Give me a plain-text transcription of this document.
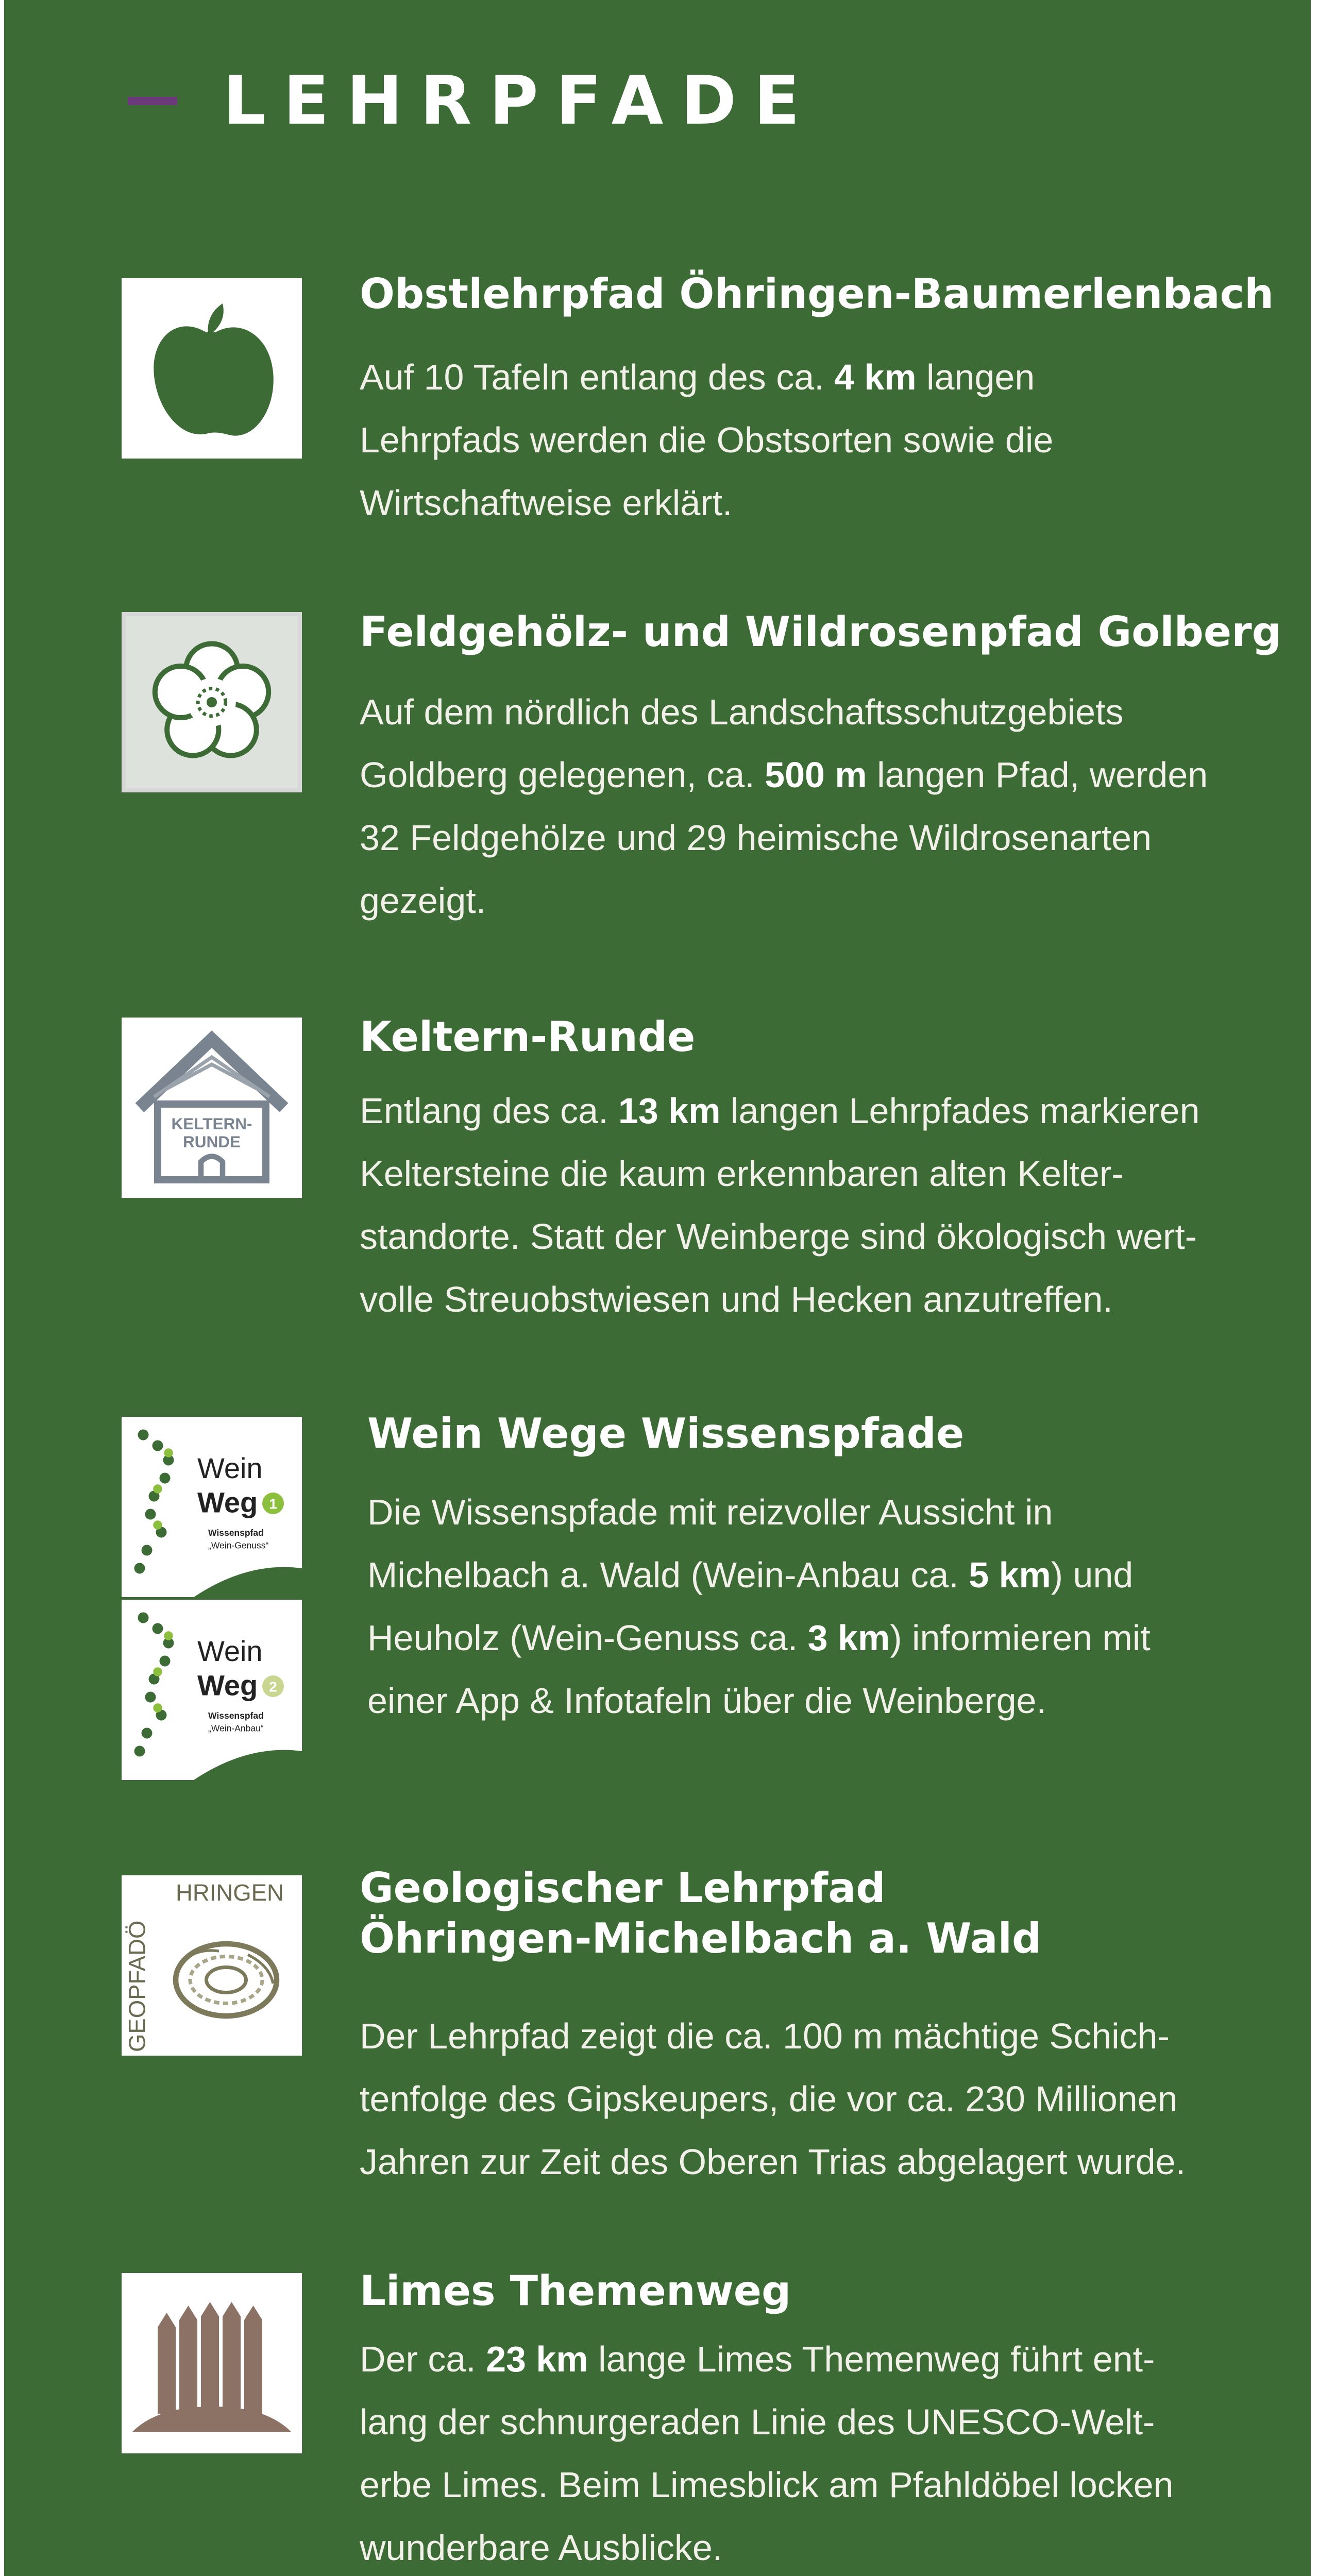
LEHRPFADE
Obstlehrpfad Öhringen-Baumerlenbach

Auf 10 Tafeln entlang des ca. 4 km langen
Lehrpfads werden die Obstsorten sowie die
Wirtschaftweise erklärt.

Feldgehölz- und Wildrosenpfad Golberg

Auf dem nördlich des Landschaftsschutzgebiets
Goldberg gelegenen, ca. 500 m langen Pfad, werden
32 Feldgehölze und 29 heimische Wildrosenarten
gezeigt.

KELTERN-
RUNDE
Keltern-Runde

Entlang des ca. 13 km langen Lehrpfades markieren
Keltersteine die kaum erkennbaren alten Kelter-
standorte. Statt der Weinberge sind ökologisch wert-
volle Streuobstwiesen und Hecken anzutreffen.

Wein
Weg	1
Wissenspfad
„Wein-Genuss“
Wein
Weg	2
Wissenspfad
„Wein-Anbau“
Wein Wege Wissenspfade

Die Wissenspfade mit reizvoller Aussicht in
Michelbach a. Wald (Wein-Anbau ca. 5 km) und
Heuholz (Wein-Genuss ca. 3 km) informieren mit
einer App & Infotafeln über die Weinberge.

HRINGEN
GEOPFADÖ
Geologischer Lehrpfad
Öhringen-Michelbach a. Wald

Der Lehrpfad zeigt die ca. 100 m mächtige Schich-
tenfolge des Gipskeupers, die vor ca. 230 Millionen
Jahren zur Zeit des Oberen Trias abgelagert wurde.

Limes Themenweg

Der ca. 23 km lange Limes Themenweg führt ent-
lang der schnurgeraden Linie des UNESCO-Welt-
erbe Limes. Beim Limesblick am Pfahldöbel locken
wunderbare Ausblicke.
